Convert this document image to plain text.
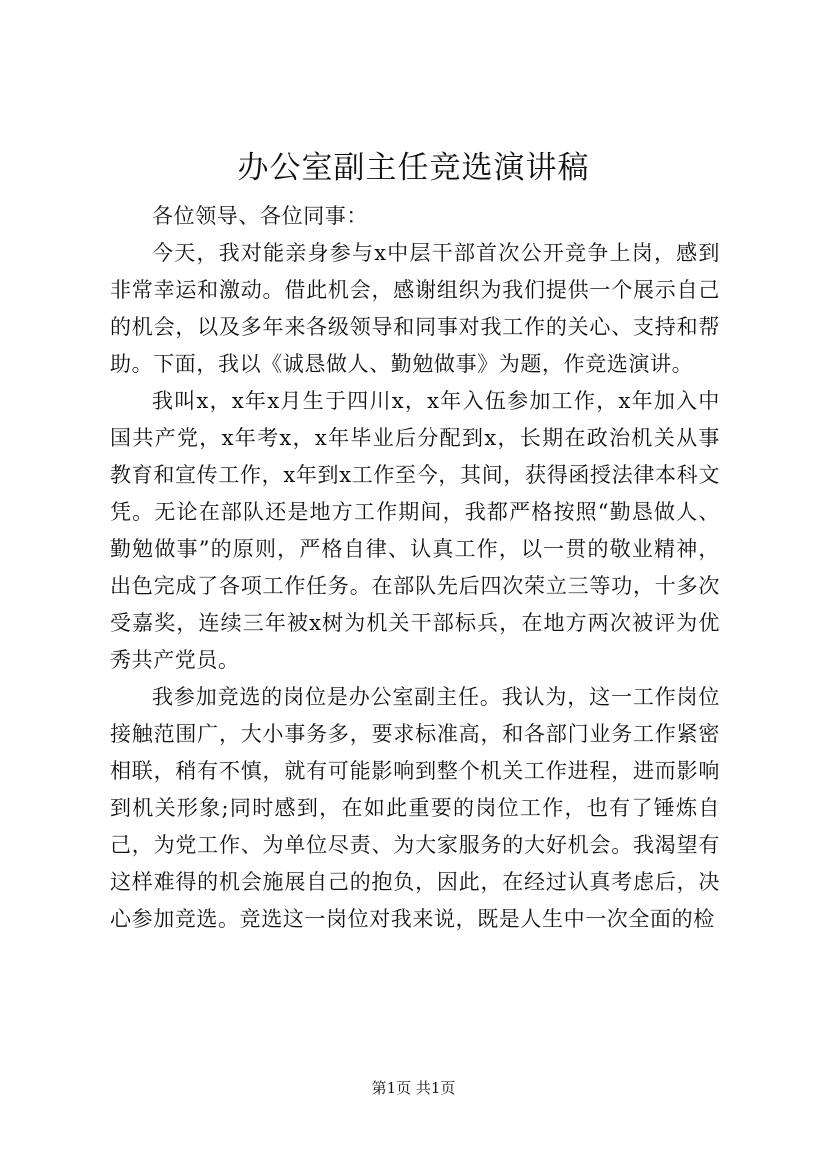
办公室副主任竞选演讲稿

各位领导、各位同事：

今天，我对能亲身参与x中层干部首次公开竞争上岗，感到非常幸运和激动。借此机会，感谢组织为我们提供一个展示自己的机会，以及多年来各级领导和同事对我工作的关心、支持和帮助。下面，我以《诚恳做人、勤勉做事》为题，作竞选演讲。

我叫x，x年x月生于四川x，x年入伍参加工作，x年加入中国共产党，x年考x，x年毕业后分配到x，长期在政治机关从事教育和宣传工作，x年到x工作至今，其间，获得函授法律本科文凭。无论在部队还是地方工作期间，我都严格按照“勤恳做人、勤勉做事”的原则，严格自律、认真工作，以一贯的敬业精神，出色完成了各项工作任务。在部队先后四次荣立三等功，十多次受嘉奖，连续三年被x树为机关干部标兵，在地方两次被评为优秀共产党员。

我参加竞选的岗位是办公室副主任。我认为，这一工作岗位接触范围广，大小事务多，要求标准高，和各部门业务工作紧密相联，稍有不慎，就有可能影响到整个机关工作进程，进而影响到机关形象;同时感到，在如此重要的岗位工作，也有了锤炼自己，为党工作、为单位尽责、为大家服务的大好机会。我渴望有这样难得的机会施展自己的抱负，因此，在经过认真考虑后，决心参加竞选。竞选这一岗位对我来说，既是人生中一次全面的检

第1页 共1页
